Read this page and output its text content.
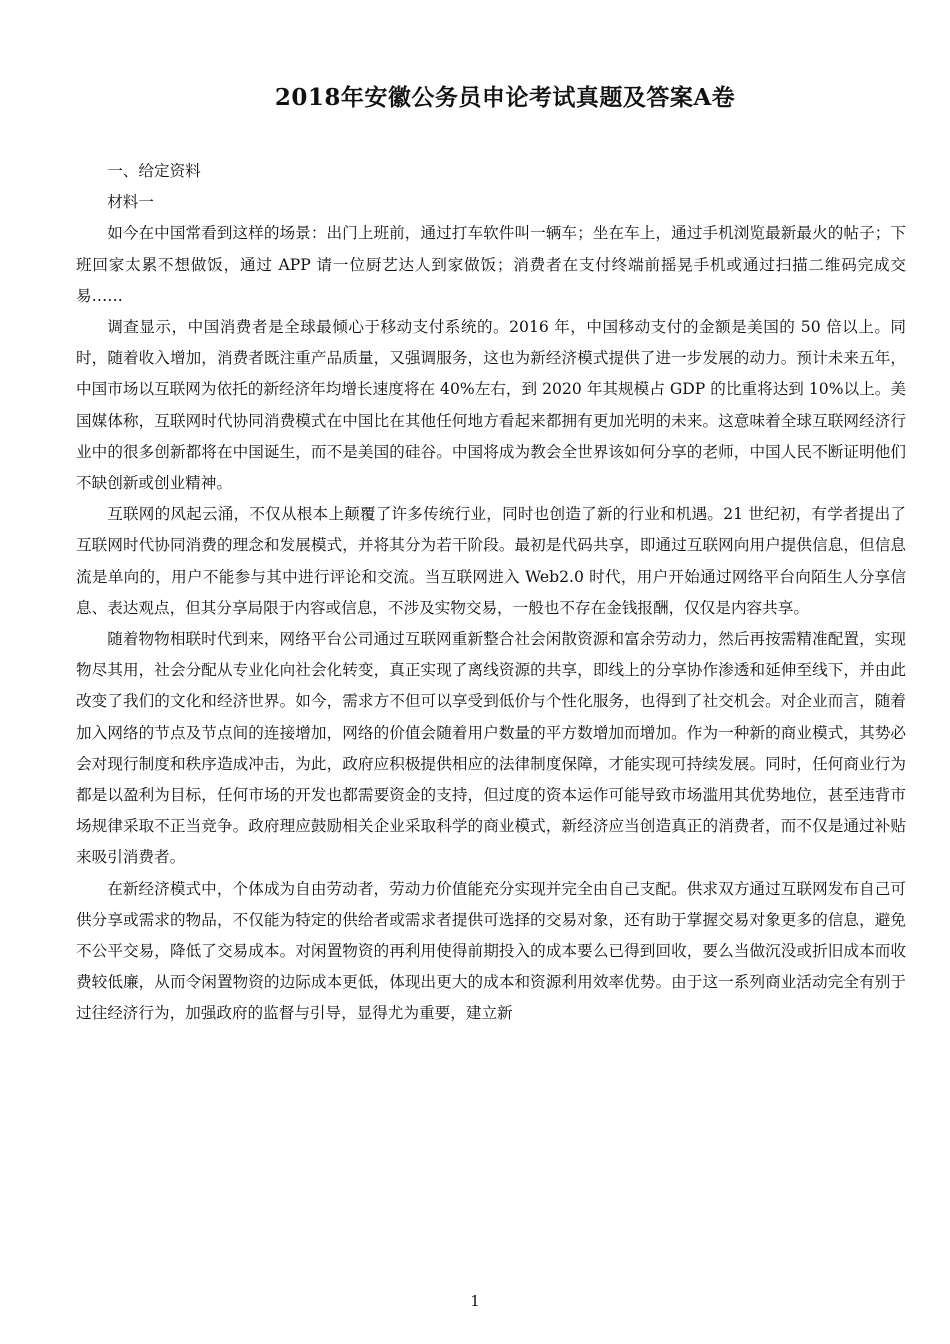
2018年安徽公务员申论考试真题及答案A卷

一、给定资料

材料一

如今在中国常看到这样的场景：出门上班前，通过打车软件叫一辆车；坐在车上，通过手机浏览最新最火的帖子；下班回家太累不想做饭，通过 APP 请一位厨艺达人到家做饭；消费者在支付终端前摇晃手机或通过扫描二维码完成交易……

调查显示，中国消费者是全球最倾心于移动支付系统的。2016 年，中国移动支付的金额是美国的 50 倍以上。同时，随着收入增加，消费者既注重产品质量，又强调服务，这也为新经济模式提供了进一步发展的动力。预计未来五年，中国市场以互联网为依托的新经济年均增长速度将在 40%左右，到 2020 年其规模占 GDP 的比重将达到 10%以上。美国媒体称，互联网时代协同消费模式在中国比在其他任何地方看起来都拥有更加光明的未来。这意味着全球互联网经济行业中的很多创新都将在中国诞生，而不是美国的硅谷。中国将成为教会全世界该如何分享的老师，中国人民不断证明他们不缺创新或创业精神。

互联网的风起云涌，不仅从根本上颠覆了许多传统行业，同时也创造了新的行业和机遇。21 世纪初，有学者提出了互联网时代协同消费的理念和发展模式，并将其分为若干阶段。最初是代码共享，即通过互联网向用户提供信息，但信息流是单向的，用户不能参与其中进行评论和交流。当互联网进入 Web2.0 时代，用户开始通过网络平台向陌生人分享信息、表达观点，但其分享局限于内容或信息，不涉及实物交易，一般也不存在金钱报酬，仅仅是内容共享。

随着物物相联时代到来，网络平台公司通过互联网重新整合社会闲散资源和富余劳动力，然后再按需精准配置，实现物尽其用，社会分配从专业化向社会化转变，真正实现了离线资源的共享，即线上的分享协作渗透和延伸至线下，并由此改变了我们的文化和经济世界。如今，需求方不但可以享受到低价与个性化服务，也得到了社交机会。对企业而言，随着加入网络的节点及节点间的连接增加，网络的价值会随着用户数量的平方数增加而增加。作为一种新的商业模式，其势必会对现行制度和秩序造成冲击，为此，政府应积极提供相应的法律制度保障，才能实现可持续发展。同时，任何商业行为都是以盈利为目标，任何市场的开发也都需要资金的支持，但过度的资本运作可能导致市场滥用其优势地位，甚至违背市场规律采取不正当竞争。政府理应鼓励相关企业采取科学的商业模式，新经济应当创造真正的消费者，而不仅是通过补贴来吸引消费者。

在新经济模式中，个体成为自由劳动者，劳动力价值能充分实现并完全由自己支配。供求双方通过互联网发布自己可供分享或需求的物品，不仅能为特定的供给者或需求者提供可选择的交易对象，还有助于掌握交易对象更多的信息，避免不公平交易，降低了交易成本。对闲置物资的再利用使得前期投入的成本要么已得到回收，要么当做沉没或折旧成本而收费较低廉，从而令闲置物资的边际成本更低，体现出更大的成本和资源利用效率优势。由于这一系列商业活动完全有别于过往经济行为，加强政府的监督与引导，显得尤为重要，建立新

1
